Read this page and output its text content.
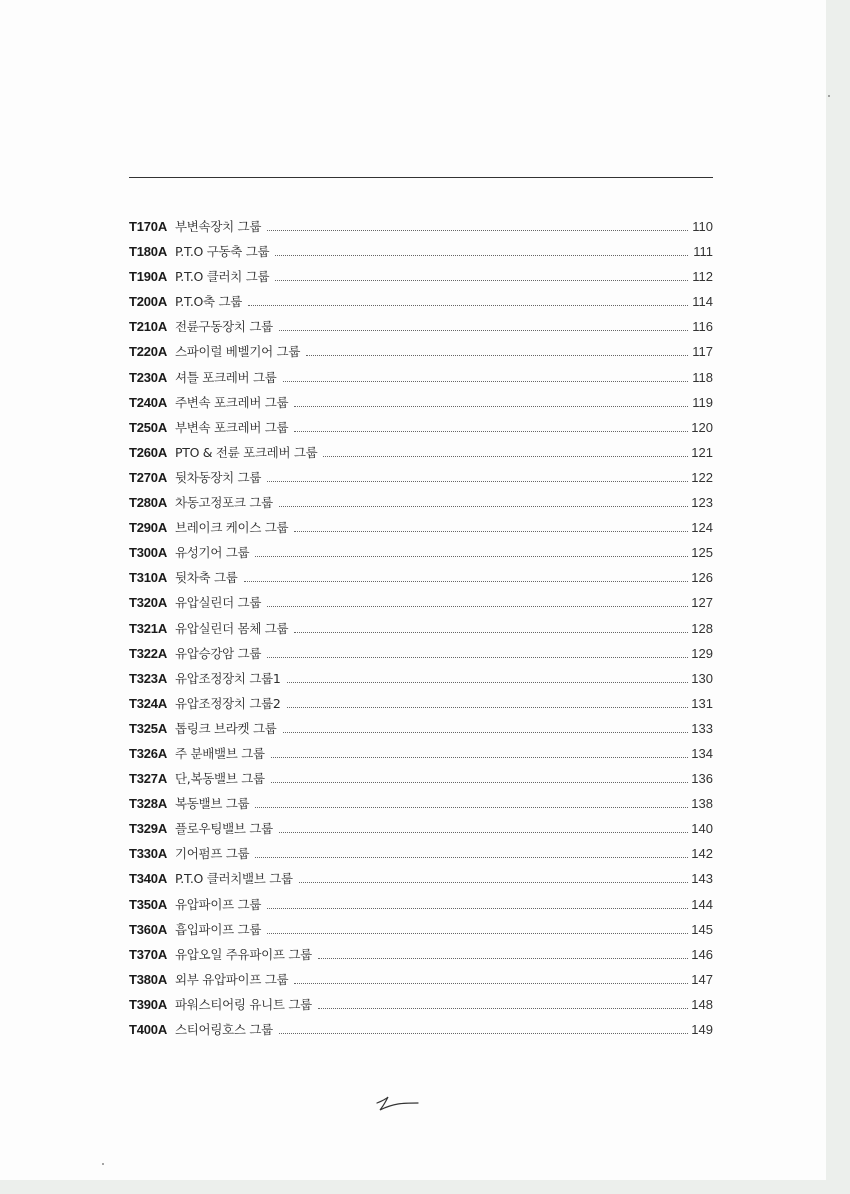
T170A 부변속장치 그룹	110
T180A P.T.O 구동축 그룹	111
T190A P.T.O 클러치 그룹	112
T200A P.T.O축 그룹	114
T210A 전륜구동장치 그룹	116
T220A 스파이럴 베벨기어 그룹	117
T230A 셔틀 포크레버 그룹	118
T240A 주변속 포크레버 그룹	119
T250A 부변속 포크레버 그룹	120
T260A PTO & 전륜 포크레버 그룹	121
T270A 뒷차동장치 그룹	122
T280A 차동고정포크 그룹	123
T290A 브레이크 케이스 그룹	124
T300A 유성기어 그룹	125
T310A 뒷차축 그룹	126
T320A 유압실린더 그룹	127
T321A 유압실린더 몸체 그룹	128
T322A 유압승강암 그룹	129
T323A 유압조정장치 그룹1	130
T324A 유압조정장치 그룹2	131
T325A 톱링크 브라켓 그룹	133
T326A 주 분배밸브 그룹	134
T327A 단,복동밸브 그룹	136
T328A 복동밸브 그룹	138
T329A 플로우팅밸브 그룹	140
T330A 기어펌프 그룹	142
T340A P.T.O 클러치밸브 그룹	143
T350A 유압파이프 그룹	144
T360A 흡입파이프 그룹	145
T370A 유압오일 주유파이프 그룹	146
T380A 외부 유압파이프 그룹	147
T390A 파워스티어링 유니트 그룹	148
T400A 스티어링호스 그룹	149
